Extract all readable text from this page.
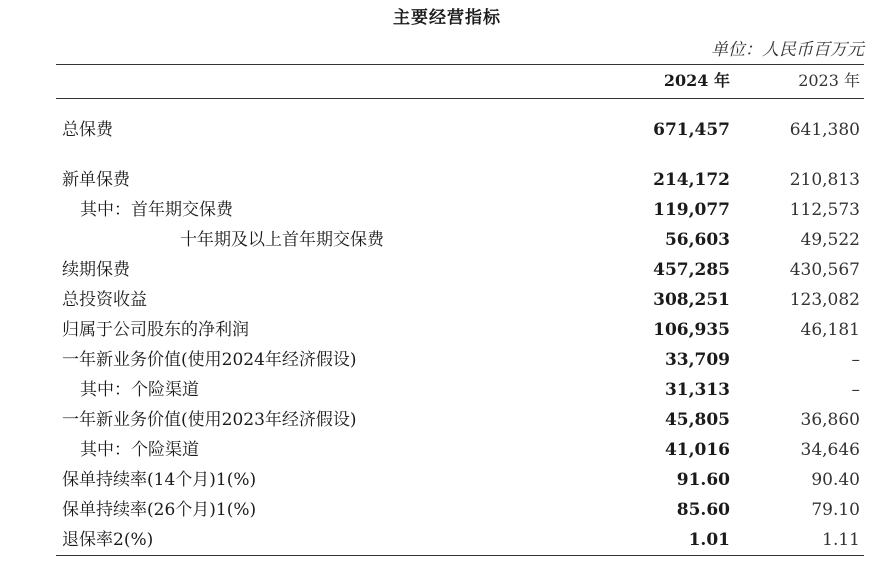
主要经营指标
单位：人民币百万元
2024 年	2023 年
总保费	671,457	641,380
新单保费	214,172	210,813
其中：首年期交保费	119,077	112,573
十年期及以上首年期交保费	56,603	49,522
续期保费	457,285	430,567
总投资收益	308,251	123,082
归属于公司股东的净利润	106,935	46,181
一年新业务价值(使用2024年经济假设)	33,709	–
其中：个险渠道	31,313	–
一年新业务价值(使用2023年经济假设)	45,805	36,860
其中：个险渠道	41,016	34,646
保单持续率(14个月)1(%)	91.60	90.40
保单持续率(26个月)1(%)	85.60	79.10
退保率2(%)	1.01	1.11
